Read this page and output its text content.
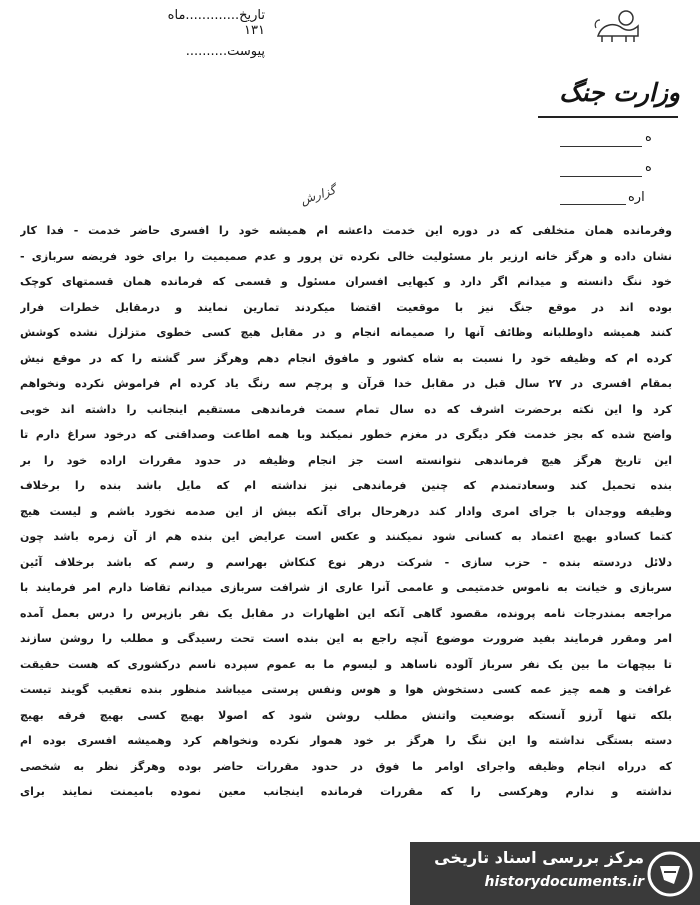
تاریخ.............ماه ۱۳۱
پیوست..........
وزارت جنگ
ه
ه
اره
گزارش
وفرمانده همان متخلفی که در دوره این خدمت داعشه ام همیشه خود را افسری حاضر خدمت - فدا کار
نشان داده و هرگز خانه ارزیر بار مسئولیت خالی نکرده تن پرور و عدم صمیمیت را برای خود فریضه سربازی -
خود ننگ دانسته و میدانم اگر دارد و کیهایی افسران مسئول و قسمی که فرمانده همان قسمتهای کوچک
بوده اند در موقع جنگ نیز با موقعیت اقتضا میکردند تمارین نمایند و درمقابل خطرات فرار
کنند همیشه داوطلبانه وظائف آنها را صمیمانه انجام و در مقابل هیچ کسی خطوی متزلزل نشده کوشش
کرده ام که وظیفه خود را نسبت به شاه کشور و مافوق انجام دهم وهرگز سر گشته را که در موقع نیش
بمقام افسری در ۲۷ سال قبل در مقابل خدا قرآن و پرچم سه رنگ یاد کرده ام فراموش نکرده ونخواهم
کرد وا این نکته برحضرت اشرف که ده سال تمام سمت فرماندهی مستقیم اینجانب را داشته اند خوبی
واضح شده که بجز خدمت فکر دیگری در مغزم خطور نمیکند وبا همه اطاعت وصداقتی که درخود سراغ دارم تا
این تاریخ هرگز هیچ فرماندهی نتوانسته است جز انجام وظیفه در حدود مقررات اراده خود را بر
بنده تحمیل کند وسعادتمندم که چنین فرماندهی نیز نداشته ام که مایل باشد بنده را برخلاف
وظیفه ووجدان با جرای امری وادار کند درهرحال برای آنکه بیش از این صدمه نخورد باشم و لیست هیچ
کتما کسادو بهیچ اعتماد به کسانی شود نمیکنند و عکس است عرایض این بنده هم از آن زمره باشد چون
دلائل دردسته بنده - حزب سازی - شرکت درهر نوع کنکاش بهراسم و رسم که باشد برخلاف آئین
سربازی و خیانت به ناموس خدمتیمی و عاممی آنرا عاری از شرافت سربازی میدانم تقاضا دارم امر فرمایند با
مراجعه بمندرجات نامه پرونده، مقصود گاهی آنکه این اظهارات در مقابل یک نفر بازپرس را درس بعمل آمده
امر ومقرر فرمایند بفید ضرورت موضوع آنچه راجع به این بنده است تحت رسیدگی و مطلب را روشن سازند
تا بیچهات ما بین یک نفر سرباز آلوده ناساهد و لیسوم ما به عموم سپرده ناسم درکشوری که هست حقیقت
غرافت و همه چیز عمه کسی دستخوش هوا و هوس ونفس پرستی میباشد منظور بنده تعقیب گویند تیست
بلکه تنها آرزو آنستکه بوضعیت واتنش مطلب روشن شود که اصولا بهیچ کسی بهیچ فرقه بهیچ
دسته بستگی نداشته وا این ننگ را هرگز بر خود هموار نکرده ونخواهم کرد وهمیشه افسری بوده ام
که درراه انجام وظیفه واجرای اوامر ما فوق در حدود مقررات حاضر بوده وهرگز نظر به شخصی
نداشته و ندارم وهرکسی را که مقررات فرمانده اینجانب معین نموده بامیمنت نمایند برای
مرکز بررسی اسناد تاریخی
historydocuments.ir
